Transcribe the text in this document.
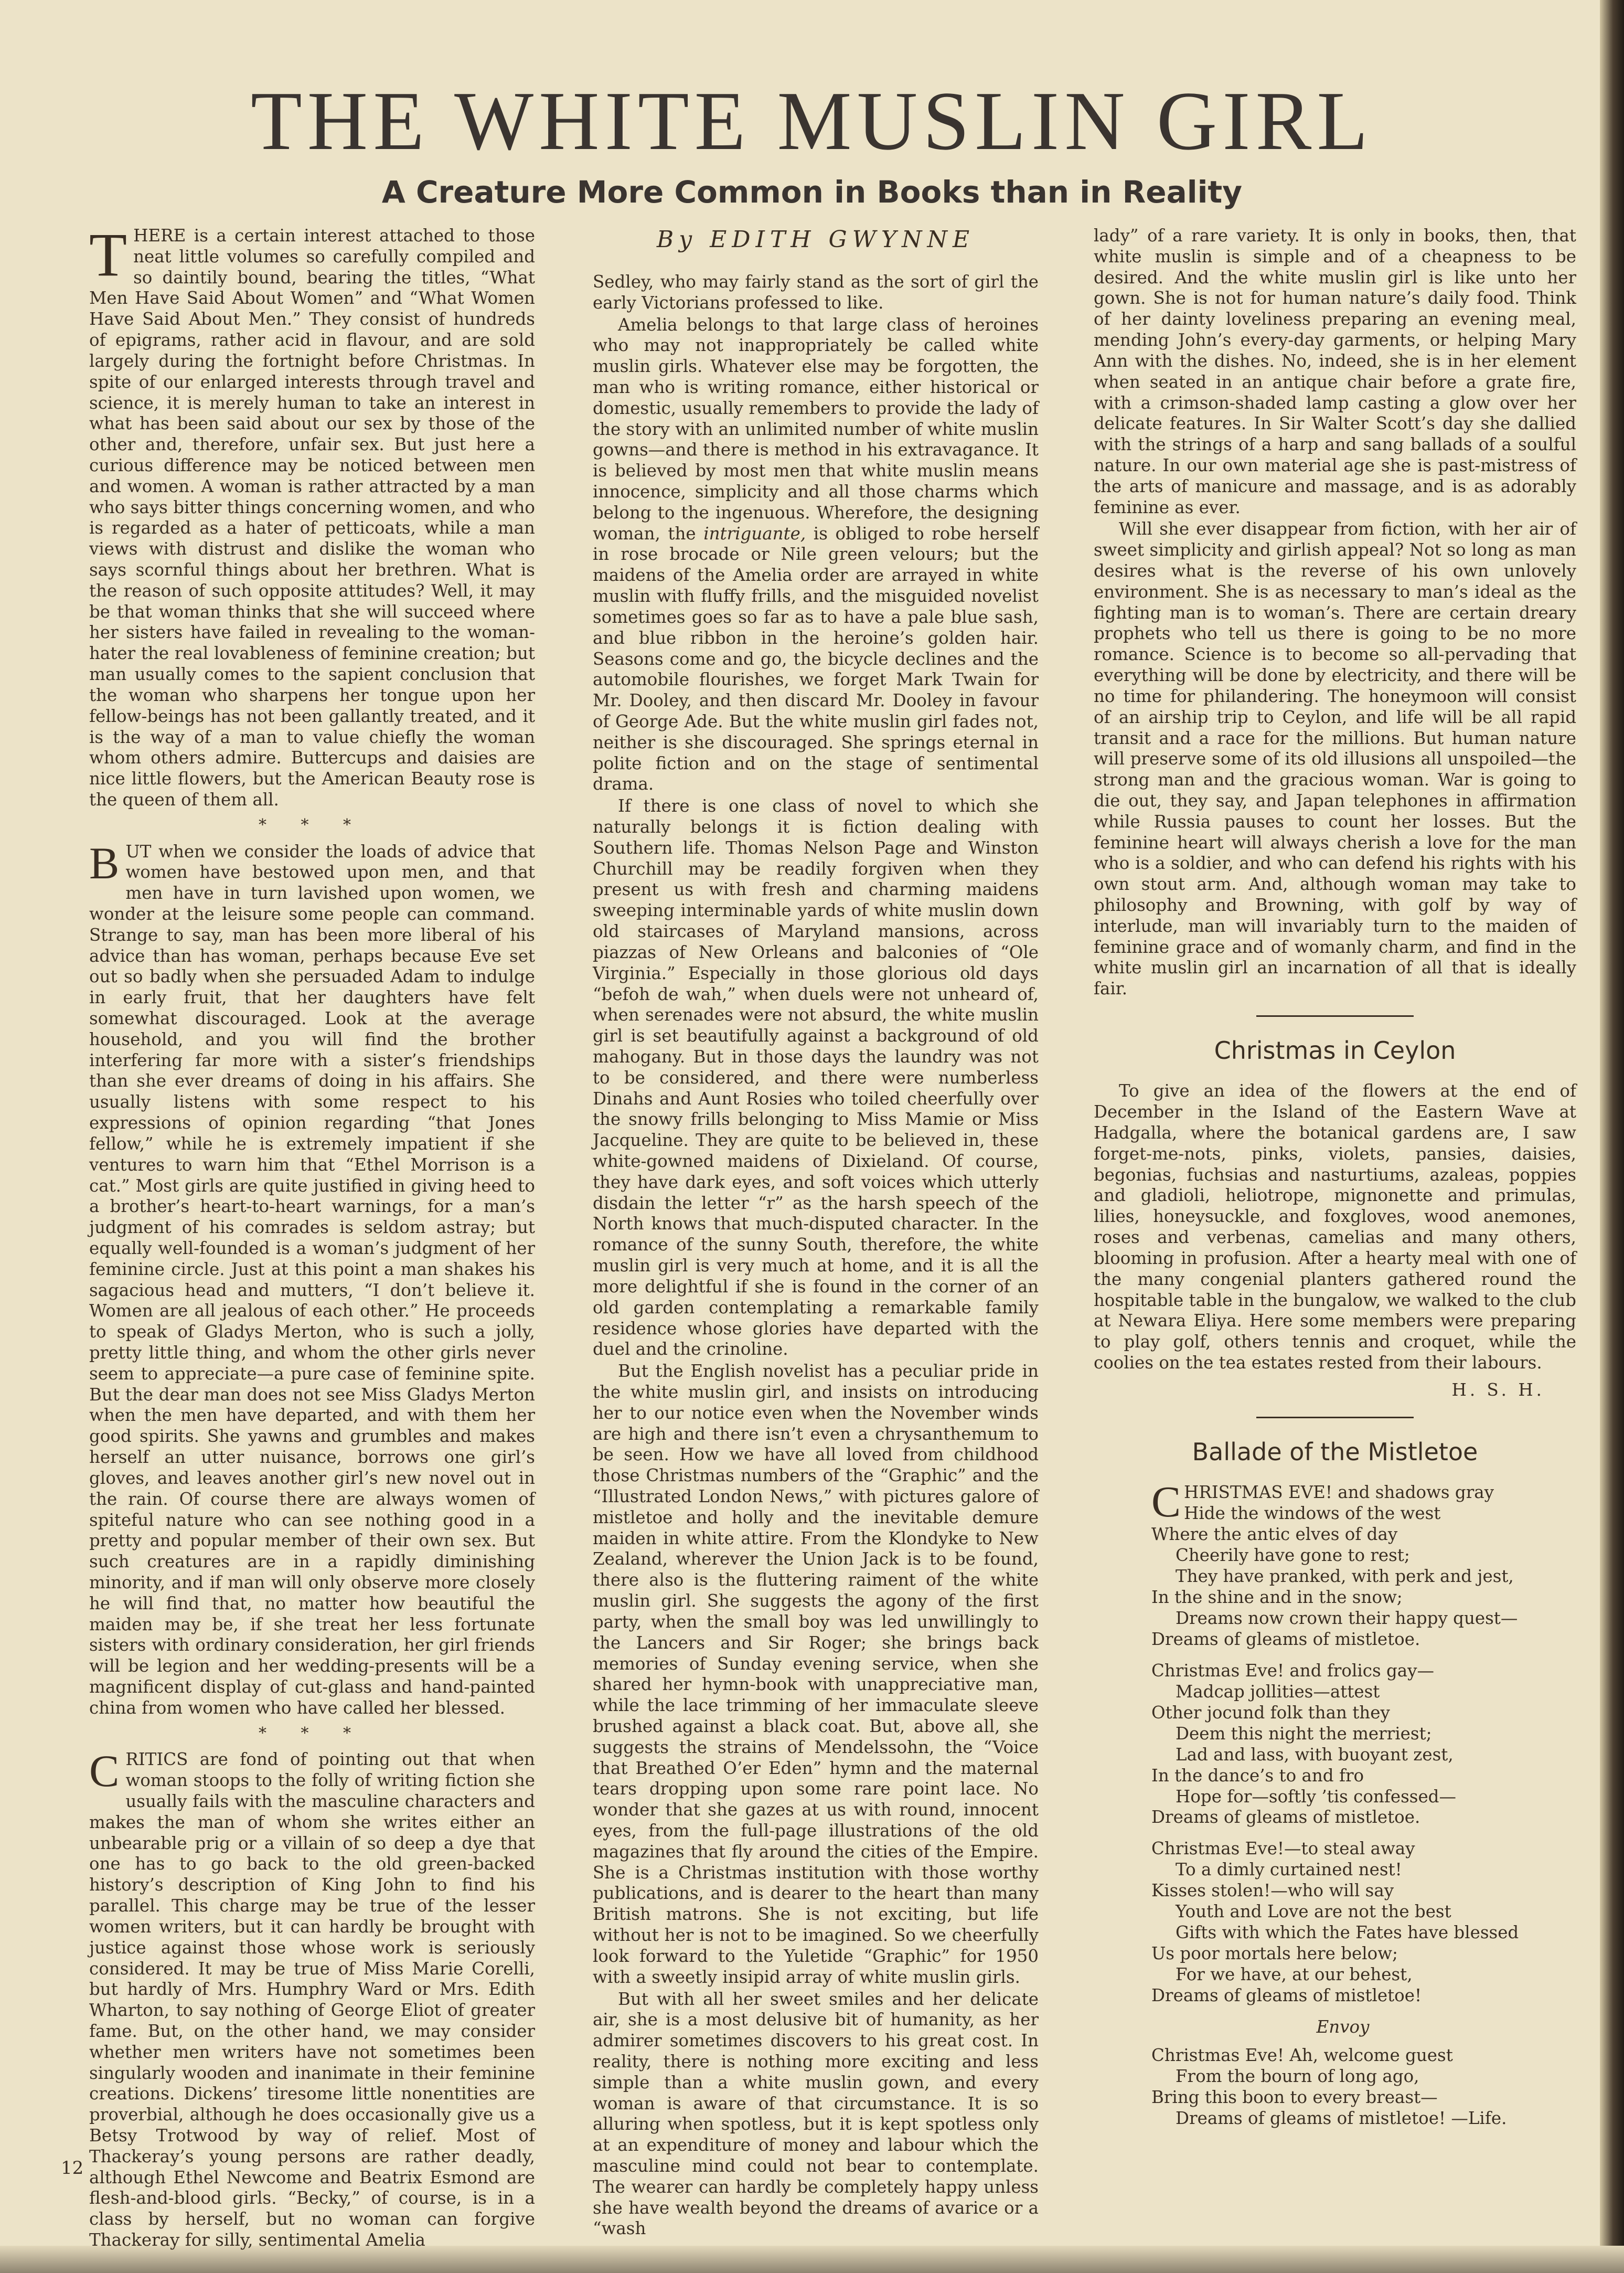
THE WHITE MUSLIN GIRL
A Creature More Common in Books than in Reality

THERE is a certain interest attached to those neat little volumes so carefully compiled and so daintily bound, bearing the titles, “What Men Have Said About Women” and “What Women Have Said About Men.” They consist of hundreds of epigrams, rather acid in flavour, and are sold largely during the fortnight before Christmas. In spite of our enlarged interests through travel and science, it is merely human to take an interest in what has been said about our sex by those of the other and, therefore, unfair sex. But just here a curious difference may be noticed between men and women. A woman is rather attracted by a man who says bitter things concerning women, and who is regarded as a hater of petticoats, while a man views with distrust and dislike the woman who says scornful things about her brethren. What is the reason of such opposite attitudes? Well, it may be that woman thinks that she will succeed where her sisters have failed in revealing to the woman-hater the real lovableness of feminine creation; but man usually comes to the sapient conclusion that the woman who sharpens her tongue upon her fellow-beings has not been gallantly treated, and it is the way of a man to value chiefly the woman whom others admire. Buttercups and daisies are nice little flowers, but the American Beauty rose is the queen of them all.

* * *

BUT when we consider the loads of advice that women have bestowed upon men, and that men have in turn lavished upon women, we wonder at the leisure some people can command. Strange to say, man has been more liberal of his advice than has woman, perhaps because Eve set out so badly when she persuaded Adam to indulge in early fruit, that her daughters have felt somewhat discouraged. Look at the average household, and you will find the brother interfering far more with a sister’s friendships than she ever dreams of doing in his affairs. She usually listens with some respect to his expressions of opinion regarding “that Jones fellow,” while he is extremely impatient if she ventures to warn him that “Ethel Morrison is a cat.” Most girls are quite justified in giving heed to a brother’s heart-to-heart warnings, for a man’s judgment of his comrades is seldom astray; but equally well-founded is a woman’s judgment of her feminine circle. Just at this point a man shakes his sagacious head and mutters, “I don’t believe it. Women are all jealous of each other.” He proceeds to speak of Gladys Merton, who is such a jolly, pretty little thing, and whom the other girls never seem to appreciate—a pure case of feminine spite. But the dear man does not see Miss Gladys Merton when the men have departed, and with them her good spirits. She yawns and grumbles and makes herself an utter nuisance, borrows one girl’s gloves, and leaves another girl’s new novel out in the rain. Of course there are always women of spiteful nature who can see nothing good in a pretty and popular member of their own sex. But such creatures are in a rapidly diminishing minority, and if man will only observe more closely he will find that, no matter how beautiful the maiden may be, if she treat her less fortunate sisters with ordinary consideration, her girl friends will be legion and her wedding-presents will be a magnificent display of cut-glass and hand-painted china from women who have called her blessed.

* * *

CRITICS are fond of pointing out that when woman stoops to the folly of writing fiction she usually fails with the masculine characters and makes the man of whom she writes either an unbearable prig or a villain of so deep a dye that one has to go back to the old green-backed history’s description of King John to find his parallel. This charge may be true of the lesser women writers, but it can hardly be brought with justice against those whose work is seriously considered. It may be true of Miss Marie Corelli, but hardly of Mrs. Humphry Ward or Mrs. Edith Wharton, to say nothing of George Eliot of greater fame. But, on the other hand, we may consider whether men writers have not sometimes been singularly wooden and inanimate in their feminine creations. Dickens’ tiresome little nonentities are proverbial, although he does occasionally give us a Betsy Trotwood by way of relief. Most of Thackeray’s young persons are rather deadly, although Ethel Newcome and Beatrix Esmond are flesh-and-blood girls. “Becky,” of course, is in a class by herself, but no woman can forgive Thackeray for silly, sentimental Amelia

By EDITH GWYNNE

Sedley, who may fairly stand as the sort of girl the early Victorians professed to like.

Amelia belongs to that large class of heroines who may not inappropriately be called white muslin girls. Whatever else may be forgotten, the man who is writing romance, either historical or domestic, usually remembers to provide the lady of the story with an unlimited number of white muslin gowns—and there is method in his extravagance. It is believed by most men that white muslin means innocence, simplicity and all those charms which belong to the ingenuous. Wherefore, the designing woman, the intriguante, is obliged to robe herself in rose brocade or Nile green velours; but the maidens of the Amelia order are arrayed in white muslin with fluffy frills, and the misguided novelist sometimes goes so far as to have a pale blue sash, and blue ribbon in the heroine’s golden hair. Seasons come and go, the bicycle declines and the automobile flourishes, we forget Mark Twain for Mr. Dooley, and then discard Mr. Dooley in favour of George Ade. But the white muslin girl fades not, neither is she discouraged. She springs eternal in polite fiction and on the stage of sentimental drama.

If there is one class of novel to which she naturally belongs it is fiction dealing with Southern life. Thomas Nelson Page and Winston Churchill may be readily forgiven when they present us with fresh and charming maidens sweeping interminable yards of white muslin down old staircases of Maryland mansions, across piazzas of New Orleans and balconies of “Ole Virginia.” Especially in those glorious old days “befoh de wah,” when duels were not unheard of, when serenades were not absurd, the white muslin girl is set beautifully against a background of old mahogany. But in those days the laundry was not to be considered, and there were numberless Dinahs and Aunt Rosies who toiled cheerfully over the snowy frills belonging to Miss Mamie or Miss Jacqueline. They are quite to be believed in, these white-gowned maidens of Dixieland. Of course, they have dark eyes, and soft voices which utterly disdain the letter “r” as the harsh speech of the North knows that much-disputed character. In the romance of the sunny South, therefore, the white muslin girl is very much at home, and it is all the more delightful if she is found in the corner of an old garden contemplating a remarkable family residence whose glories have departed with the duel and the crinoline.

But the English novelist has a peculiar pride in the white muslin girl, and insists on introducing her to our notice even when the November winds are high and there isn’t even a chrysanthemum to be seen. How we have all loved from childhood those Christmas numbers of the “Graphic” and the “Illustrated London News,” with pictures galore of mistletoe and holly and the inevitable demure maiden in white attire. From the Klondyke to New Zealand, wherever the Union Jack is to be found, there also is the fluttering raiment of the white muslin girl. She suggests the agony of the first party, when the small boy was led unwillingly to the Lancers and Sir Roger; she brings back memories of Sunday evening service, when she shared her hymn-book with unappreciative man, while the lace trimming of her immaculate sleeve brushed against a black coat. But, above all, she suggests the strains of Mendelssohn, the “Voice that Breathed O’er Eden” hymn and the maternal tears dropping upon some rare point lace. No wonder that she gazes at us with round, innocent eyes, from the full-page illustrations of the old magazines that fly around the cities of the Empire. She is a Christmas institution with those worthy publications, and is dearer to the heart than many British matrons. She is not exciting, but life without her is not to be imagined. So we cheerfully look forward to the Yuletide “Graphic” for 1950 with a sweetly insipid array of white muslin girls.

But with all her sweet smiles and her delicate air, she is a most delusive bit of humanity, as her admirer sometimes discovers to his great cost. In reality, there is nothing more exciting and less simple than a white muslin gown, and every woman is aware of that circumstance. It is so alluring when spotless, but it is kept spotless only at an expenditure of money and labour which the masculine mind could not bear to contemplate. The wearer can hardly be completely happy unless she have wealth beyond the dreams of avarice or a “wash

lady” of a rare variety. It is only in books, then, that white muslin is simple and of a cheapness to be desired. And the white muslin girl is like unto her gown. She is not for human nature’s daily food. Think of her dainty loveliness preparing an evening meal, mending John’s every-day garments, or helping Mary Ann with the dishes. No, indeed, she is in her element when seated in an antique chair before a grate fire, with a crimson-shaded lamp casting a glow over her delicate features. In Sir Walter Scott’s day she dallied with the strings of a harp and sang ballads of a soulful nature. In our own material age she is past-mistress of the arts of manicure and massage, and is as adorably feminine as ever.

Will she ever disappear from fiction, with her air of sweet simplicity and girlish appeal? Not so long as man desires what is the reverse of his own unlovely environment. She is as necessary to man’s ideal as the fighting man is to woman’s. There are certain dreary prophets who tell us there is going to be no more romance. Science is to become so all-pervading that everything will be done by electricity, and there will be no time for philandering. The honeymoon will consist of an airship trip to Ceylon, and life will be all rapid transit and a race for the millions. But human nature will preserve some of its old illusions all unspoiled—the strong man and the gracious woman. War is going to die out, they say, and Japan telephones in affirmation while Russia pauses to count her losses. But the feminine heart will always cherish a love for the man who is a soldier, and who can defend his rights with his own stout arm. And, although woman may take to philosophy and Browning, with golf by way of interlude, man will invariably turn to the maiden of feminine grace and of womanly charm, and find in the white muslin girl an incarnation of all that is ideally fair.

Christmas in Ceylon

To give an idea of the flowers at the end of December in the Island of the Eastern Wave at Hadgalla, where the botanical gardens are, I saw forget-me-nots, pinks, violets, pansies, daisies, begonias, fuchsias and nasturtiums, azaleas, poppies and gladioli, heliotrope, mignonette and primulas, lilies, honeysuckle, and foxgloves, wood anemones, roses and verbenas, camelias and many others, blooming in profusion. After a hearty meal with one of the many congenial planters gathered round the hospitable table in the bungalow, we walked to the club at Newara Eliya. Here some members were preparing to play golf, others tennis and croquet, while the coolies on the tea estates rested from their labours.

H. S. H.
Ballade of the Mistletoe
CHRISTMAS EVE! and shadows gray
Hide the windows of the west
Where the antic elves of day
Cheerily have gone to rest;
They have pranked, with perk and jest,
In the shine and in the snow;
Dreams now crown their happy quest—
Dreams of gleams of mistletoe.
Christmas Eve! and frolics gay—
Madcap jollities—attest
Other jocund folk than they
Deem this night the merriest;
Lad and lass, with buoyant zest,
In the dance’s to and fro
Hope for—softly ’tis confessed—
Dreams of gleams of mistletoe.
Christmas Eve!—to steal away
To a dimly curtained nest!
Kisses stolen!—who will say
Youth and Love are not the best
Gifts with which the Fates have blessed
Us poor mortals here below;
For we have, at our behest,
Dreams of gleams of mistletoe!
Envoy
Christmas Eve! Ah, welcome guest
From the bourn of long ago,
Bring this boon to every breast—
Dreams of gleams of mistletoe! —Life.
12
